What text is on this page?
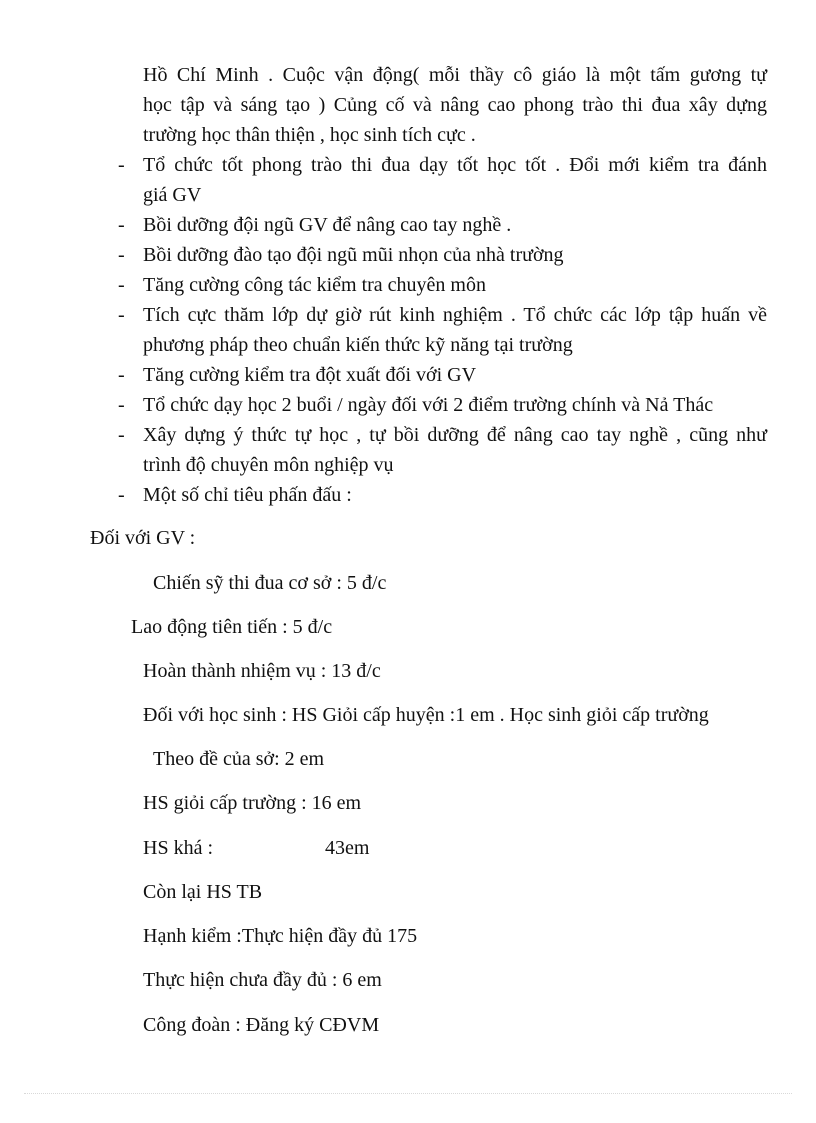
Hồ Chí Minh . Cuộc vận động( mỗi thầy cô giáo là một tấm gương tự
học tập và sáng tạo ) Củng cố và nâng cao phong trào thi đua xây dựng
trường học thân thiện , học sinh tích cực .
- Tổ chức tốt phong trào thi đua dạy tốt học tốt . Đổi mới kiểm tra đánh
giá GV
- Bồi dưỡng đội ngũ GV để nâng cao tay nghề .
- Bồi dưỡng đào tạo đội ngũ mũi nhọn của nhà trường
- Tăng cường công tác kiểm tra chuyên môn
- Tích cực thăm lớp dự giờ rút kinh nghiệm . Tổ chức các lớp tập huấn về
phương pháp theo chuẩn kiến thức kỹ năng tại trường
- Tăng cường kiểm tra đột xuất đối với GV
- Tổ chức dạy học 2 buổi / ngày đối với 2 điểm trường chính và Nả Thác
- Xây dựng ý thức tự học , tự bồi dưỡng để nâng cao tay nghề , cũng như
trình độ chuyên môn nghiệp vụ
- Một số chỉ tiêu phấn đấu :
Đối với GV :
Chiến sỹ thi đua cơ sở : 5 đ/c
Lao động tiên tiến : 5 đ/c
Hoàn thành nhiệm vụ : 13 đ/c
Đối với học sinh : HS Giỏi cấp huyện :1 em . Học sinh giỏi cấp trường
Theo đề của sở: 2 em
HS giỏi cấp trường : 16 em
HS khá :	43em
Còn lại HS TB
Hạnh kiểm :Thực hiện đầy đủ 175
Thực hiện chưa đầy đủ : 6 em
Công đoàn : Đăng ký CĐVM
